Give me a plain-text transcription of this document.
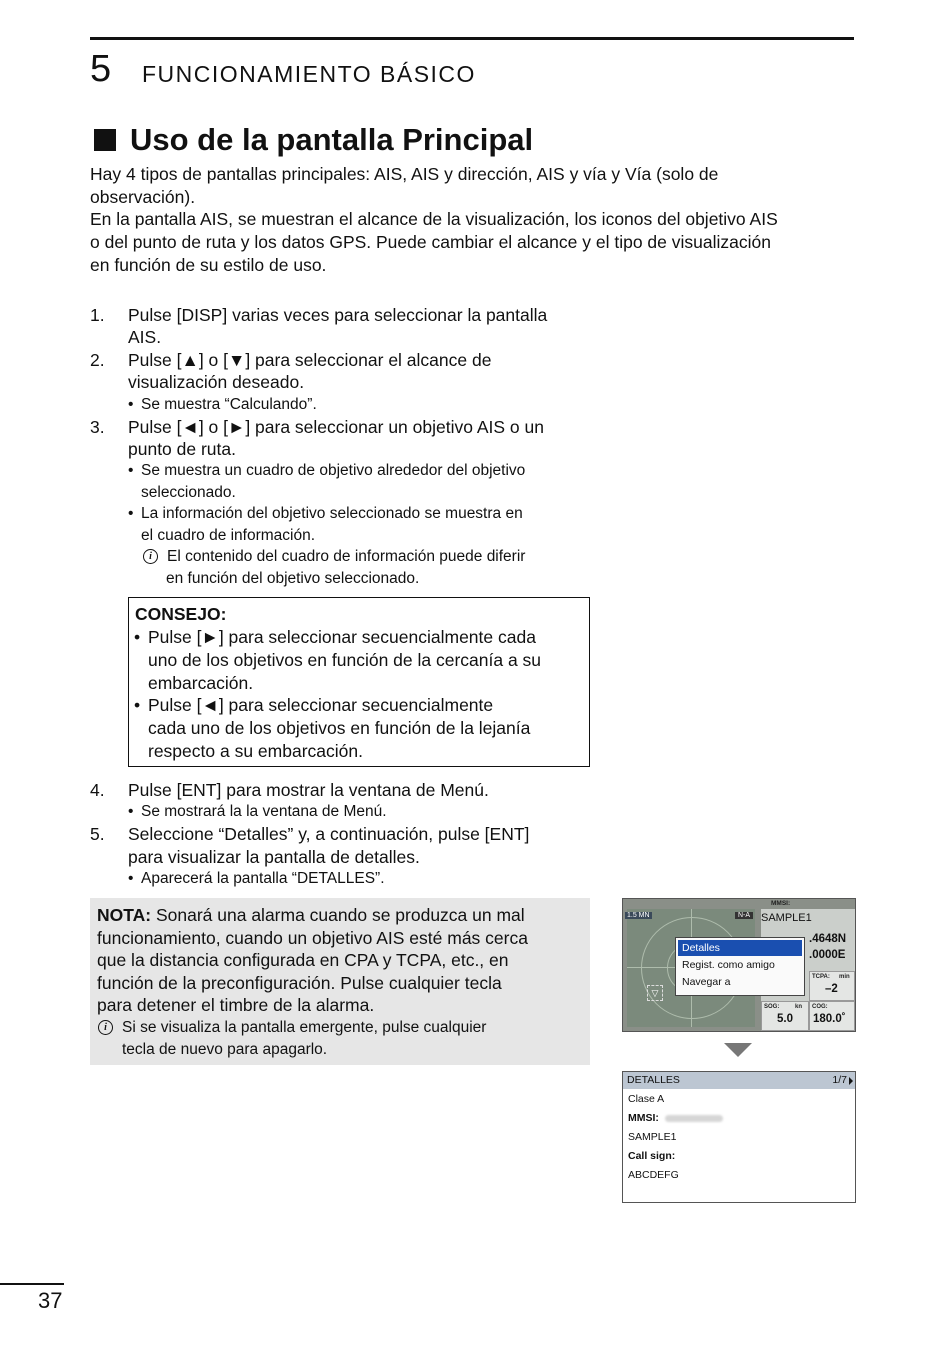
5 FUNCIONAMIENTO BÁSICO
Uso de la pantalla Principal
Hay 4 tipos de pantallas principales: AIS, AIS y dirección, AIS y vía y Vía (solo de
observación).
En la pantalla AIS, se muestran el alcance de la visualización, los iconos del objetivo AIS
o del punto de ruta y los datos GPS. Puede cambiar el alcance y el tipo de visualización
en función de su estilo de uso.
1. Pulse [DISP] varias veces para seleccionar la pantalla
AIS.
2. Pulse [▲] o [▼] para seleccionar el alcance de
visualización deseado.
• Se muestra “Calculando”.
3. Pulse [◄] o [►] para seleccionar un objetivo AIS o un
punto de ruta.
• Se muestra un cuadro de objetivo alrededor del objetivo
seleccionado.
• La información del objetivo seleccionado se muestra en
el cuadro de información.
i El contenido del cuadro de información puede diferir
en función del objetivo seleccionado.
CONSEJO:
• Pulse [►] para seleccionar secuencialmente cada
uno de los objetivos en función de la cercanía a su
embarcación.
• Pulse [◄] para seleccionar secuencialmente
cada uno de los objetivos en función de la lejanía
respecto a su embarcación.
4. Pulse [ENT] para mostrar la ventana de Menú.
• Se mostrará la la ventana de Menú.
5. Seleccione “Detalles” y, a continuación, pulse [ENT]
para visualizar la pantalla de detalles.
• Aparecerá la pantalla “DETALLES”.
NOTA: Sonará una alarma cuando se produzca un mal
funcionamiento, cuando un objetivo AIS esté más cerca
que la distancia configurada en CPA y TCPA, etc., en
función de la preconfiguración. Pulse cualquier tecla
para detener el timbre de la alarma.
i Si se visualiza la pantalla emergente, pulse cualquier
tecla de nuevo para apagarlo.
1.5 MN	N-A
MMSI:
SAMPLE1
.4648N
.0000E
TCPA: min
–2
SOG:	kn
5.0
COG:
180.0˚
▽
Detalles
Regist. como amigo
Navegar a
DETALLES	1/7
Clase A
MMSI:
SAMPLE1
Call sign:
ABCDEFG
37
